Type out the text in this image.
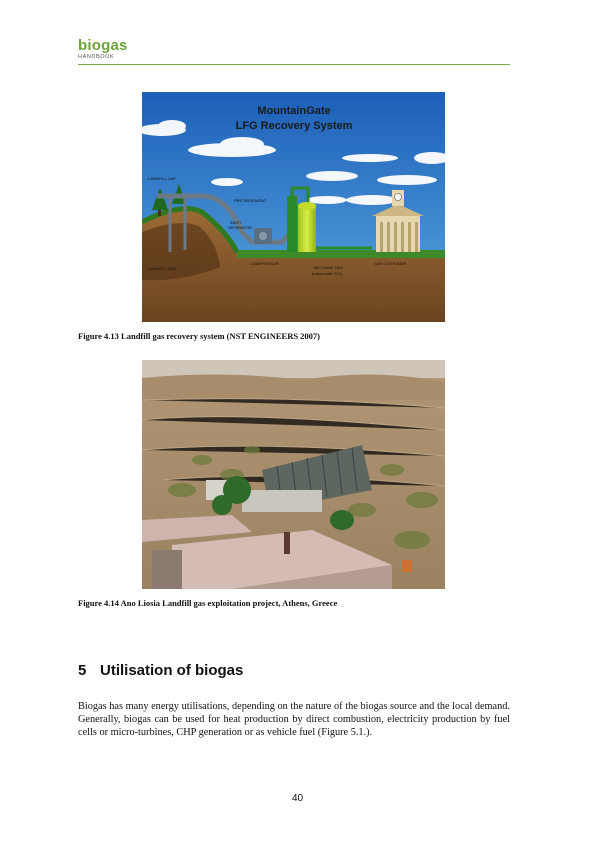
biogas
HANDBOOK
MountainGate
LFG Recovery System
LANDFILL CAP
PRETREATMENT
INLET
SEPARATOR
LANDFILL GAS
COMPRESSOR
METHANE GAS
(mixed with CO₂)
GAS CUSTOMER
Figure 4.13 Landfill gas recovery system (NST ENGINEERS 2007)
Figure 4.14 Ano Liosia Landfill gas exploitation project, Athens, Greece
5 Utilisation of biogas
Biogas has many energy utilisations, depending on the nature of the biogas source and the local demand. Generally, biogas can be used for heat production by direct combustion, electricity production by fuel cells or micro-turbines, CHP generation or as vehicle fuel (Figure 5.1.).
40
